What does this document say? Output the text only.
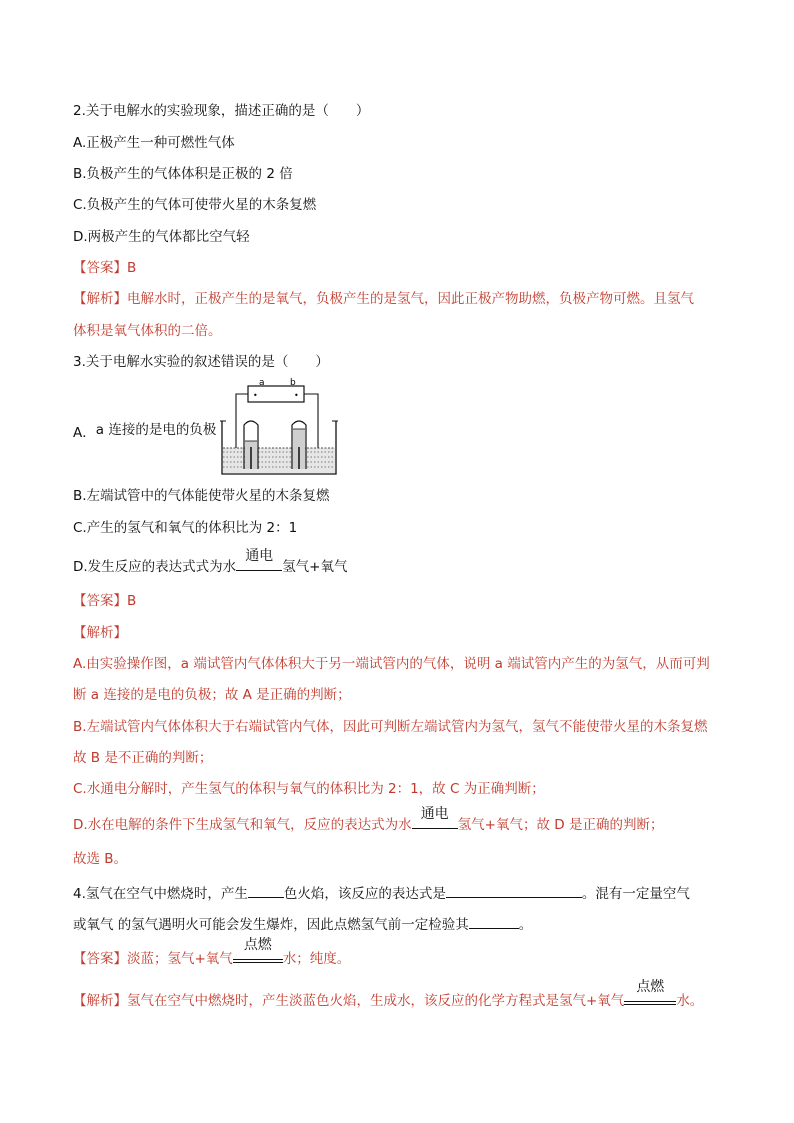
2.关于电解水的实验现象，描述正确的是（　　）
A.正极产生一种可燃性气体
B.负极产生的气体体积是正极的 2 倍
C.负极产生的气体可使带火星的木条复燃
D.两极产生的气体都比空气轻
【答案】B
【解析】电解水时，正极产生的是氧气，负极产生的是氢气，因此正极产物助燃，负极产物可燃。且氢气
体积是氧气体积的二倍。
3.关于电解水实验的叙述错误的是（　　）
A．a 连接的是电的负极
a	b
•	•
B.左端试管中的气体能使带火星的木条复燃
C.产生的氢气和氧气的体积比为 2：1
D.发生反应的表达式式为水
通电
氢气+氧气
【答案】B
【解析】
A.由实验操作图，a 端试管内气体体积大于另一端试管内的气体，说明 a 端试管内产生的为氢气，从而可判
断 a 连接的是电的负极；故 A 是正确的判断；
B.左端试管内气体体积大于右端试管内气体，因此可判断左端试管内为氢气，氢气不能使带火星的木条复燃
故 B 是不正确的判断；
C.水通电分解时，产生氢气的体积与氧气的体积比为 2：1，故 C 为正确判断；
D.水在电解的条件下生成氢气和氧气，反应的表达式为水
通电
氢气+氧气；故 D 是正确的判断；
故选 B。
4.氢气在空气中燃烧时，产生	色火焰，该反应的表达式是	。混有一定量空气
或氧气 的氢气遇明火可能会发生爆炸，因此点燃氢气前一定检验其	。
【答案】淡蓝；氢气+氧气
点燃
水；纯度。
【解析】氢气在空气中燃烧时，产生淡蓝色火焰，生成水，该反应的化学方程式是氢气+氧气
点燃
水。
